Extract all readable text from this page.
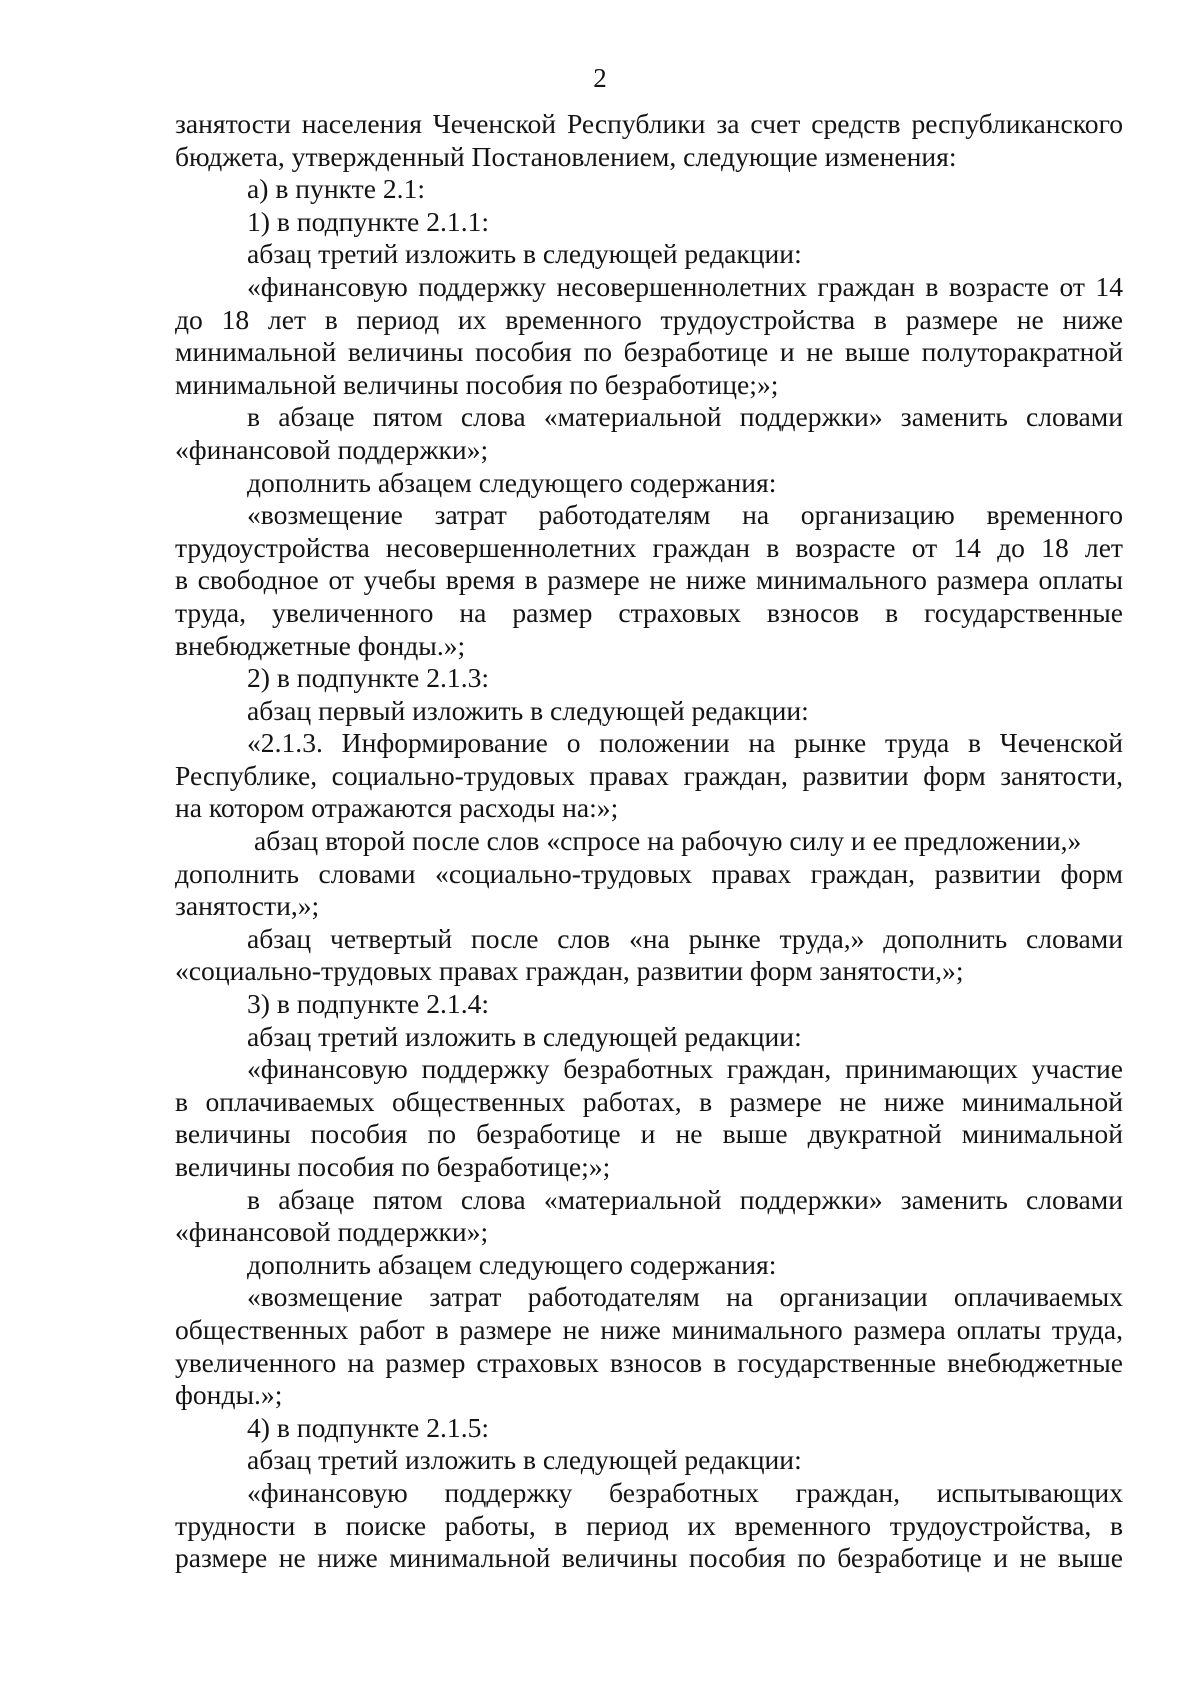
2
занятости населения Чеченской Республики за счет средств республиканского
бюджета, утвержденный Постановлением, следующие изменения:
а) в пункте 2.1:
1) в подпункте 2.1.1:
абзац третий изложить в следующей редакции:
«финансовую поддержку несовершеннолетних граждан в возрасте от 14
до 18 лет в период их временного трудоустройства в размере не ниже
минимальной величины пособия по безработице и не выше полуторакратной
минимальной величины пособия по безработице;»;
в абзаце пятом слова «материальной поддержки» заменить словами
«финансовой поддержки»;
дополнить абзацем следующего содержания:
«возмещение затрат работодателям на организацию временного
трудоустройства несовершеннолетних граждан в возрасте от 14 до 18 лет
в свободное от учебы время в размере не ниже минимального размера оплаты
труда, увеличенного на размер страховых взносов в государственные
внебюджетные фонды.»;
2) в подпункте 2.1.3:
абзац первый изложить в следующей редакции:
«2.1.3. Информирование о положении на рынке труда в Чеченской
Республике, социально-трудовых правах граждан, развитии форм занятости,
на котором отражаются расходы на:»;
абзац второй после слов «спросе на рабочую силу и ее предложении,»
дополнить словами «социально-трудовых правах граждан, развитии форм
занятости,»;
абзац четвертый после слов «на рынке труда,» дополнить словами
«социально-трудовых правах граждан, развитии форм занятости,»;
3) в подпункте 2.1.4:
абзац третий изложить в следующей редакции:
«финансовую поддержку безработных граждан, принимающих участие
в оплачиваемых общественных работах, в размере не ниже минимальной
величины пособия по безработице и не выше двукратной минимальной
величины пособия по безработице;»;
в абзаце пятом слова «материальной поддержки» заменить словами
«финансовой поддержки»;
дополнить абзацем следующего содержания:
«возмещение затрат работодателям на организации оплачиваемых
общественных работ в размере не ниже минимального размера оплаты труда,
увеличенного на размер страховых взносов в государственные внебюджетные
фонды.»;
4) в подпункте 2.1.5:
абзац третий изложить в следующей редакции:
«финансовую поддержку безработных граждан, испытывающих
трудности в поиске работы, в период их временного трудоустройства, в
размере не ниже минимальной величины пособия по безработице и не выше
